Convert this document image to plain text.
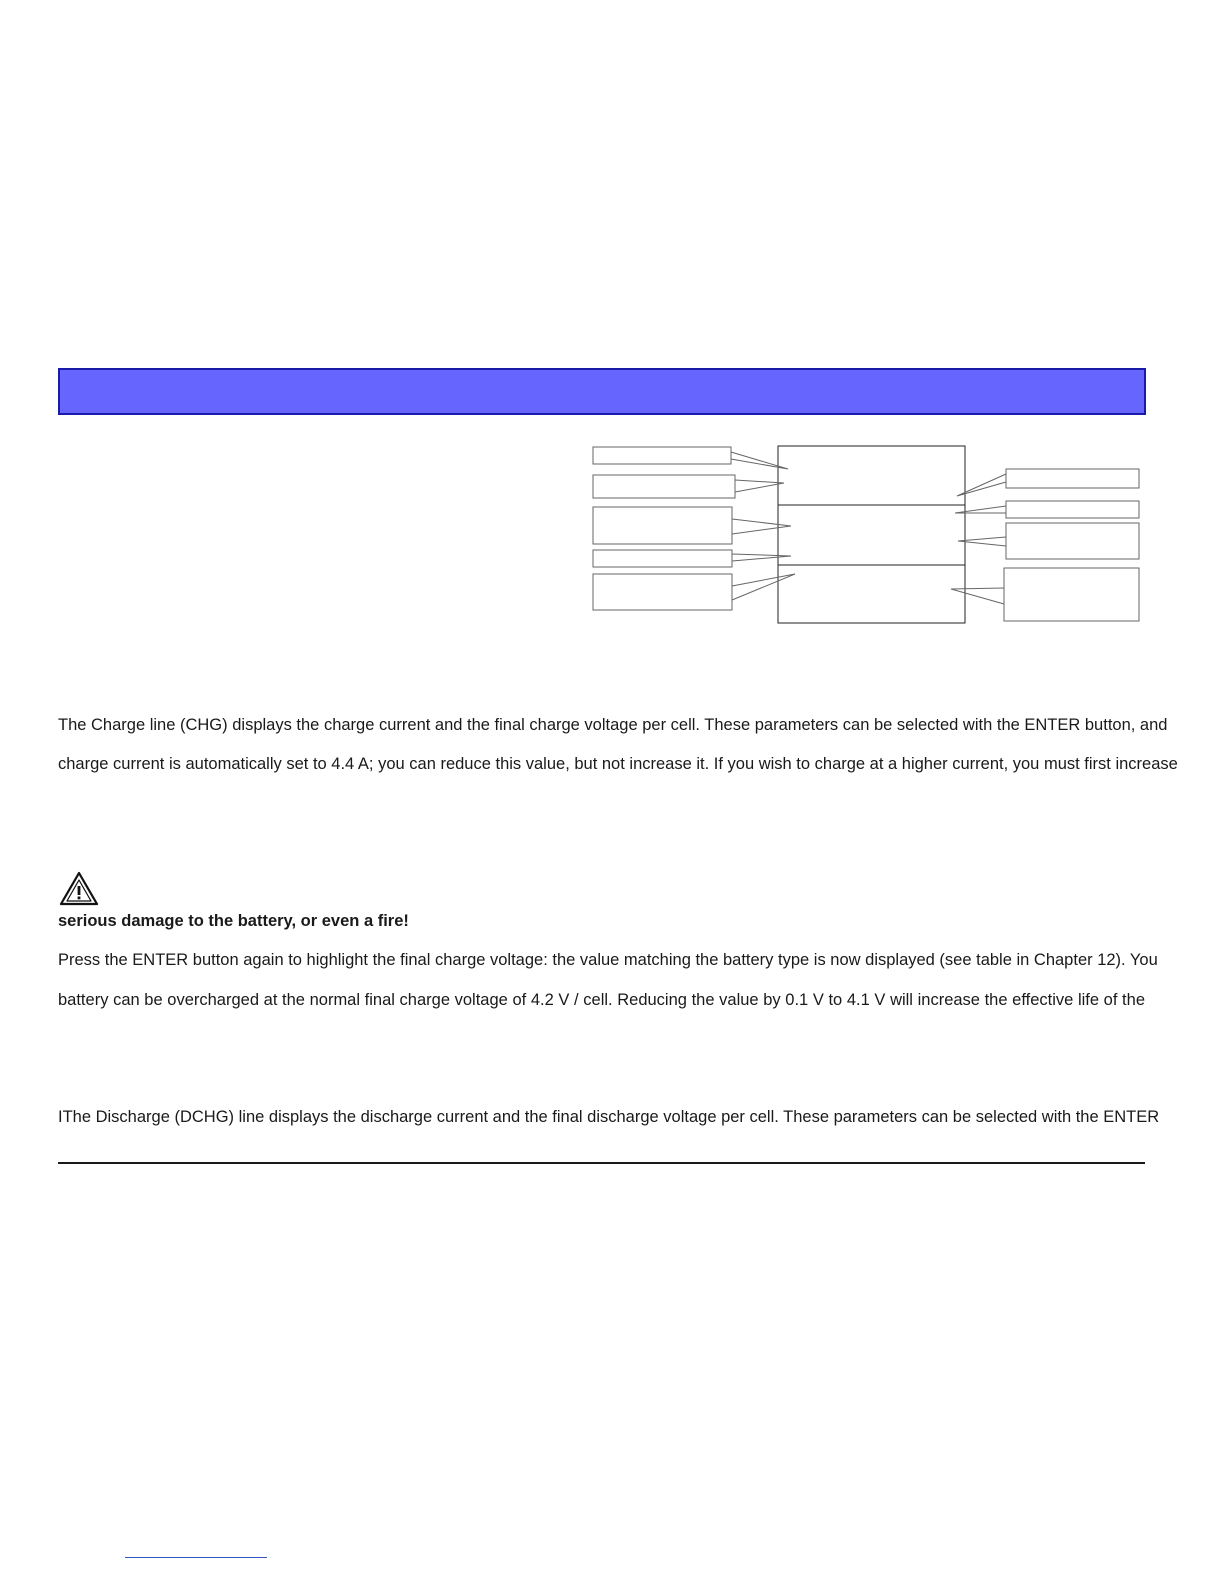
The Charge line (CHG) displays the charge current and the final charge voltage per cell. These parameters can be selected with the ENTER button, and
charge current is automatically set to 4.4 A; you can reduce this value, but not increase it. If you wish to charge at a higher current, you must first increase
serious damage to the battery, or even a fire!
Press the ENTER button again to highlight the final charge voltage: the value matching the battery type is now displayed (see table in Chapter 12). You
battery can be overcharged at the normal final charge voltage of 4.2 V / cell. Reducing the value by 0.1 V to 4.1 V will increase the effective life of the
IThe Discharge (DCHG) line displays the discharge current and the final discharge voltage per cell. These parameters can be selected with the ENTER
